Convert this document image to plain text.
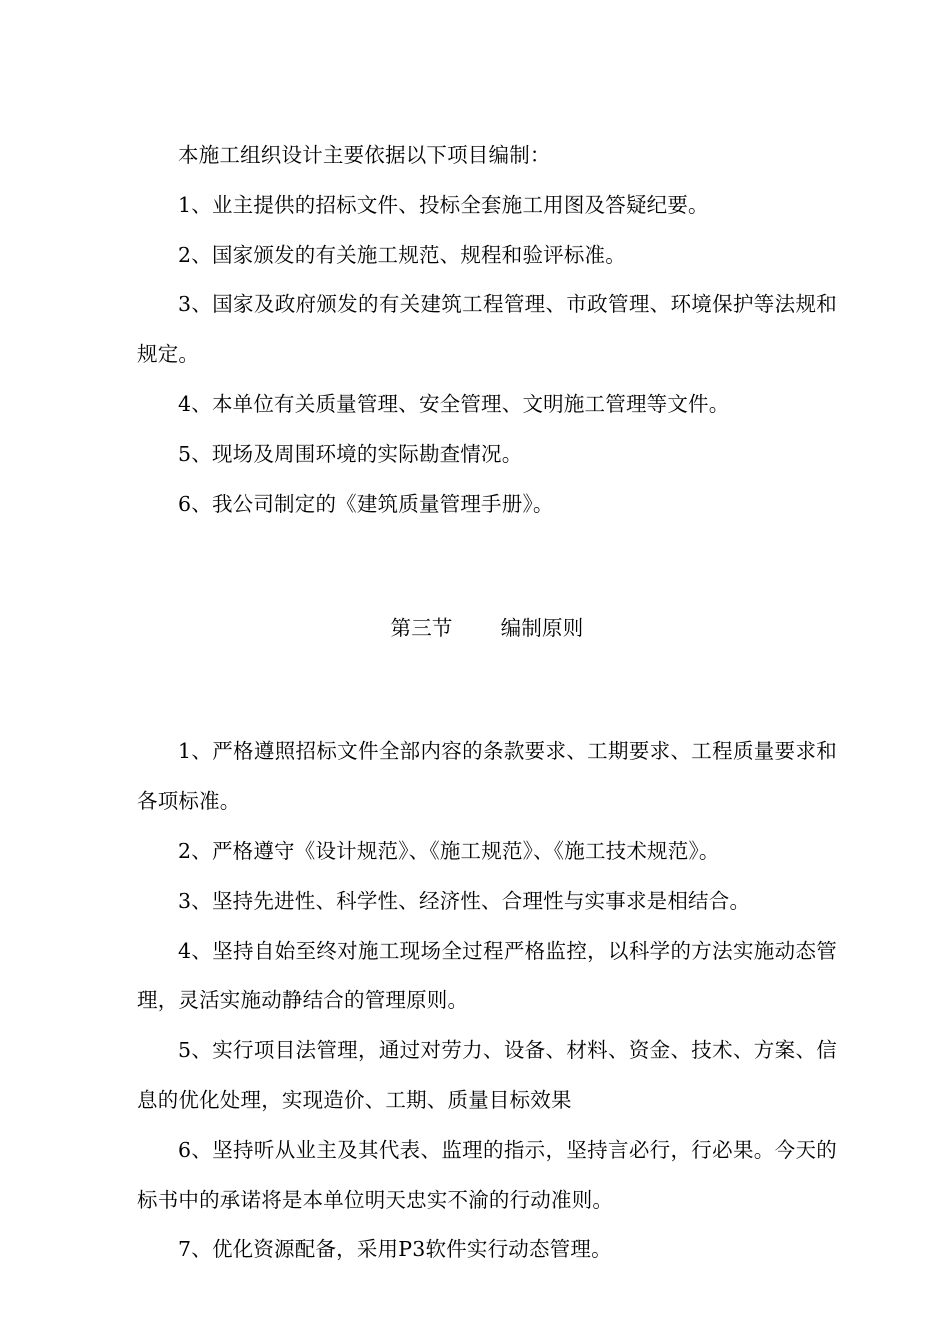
本施工组织设计主要依据以下项目编制：

1、业主提供的招标文件、投标全套施工用图及答疑纪要。

2、国家颁发的有关施工规范、规程和验评标准。

3、国家及政府颁发的有关建筑工程管理、市政管理、环境保护等法规和规定。

4、本单位有关质量管理、安全管理、文明施工管理等文件。

5、现场及周围环境的实际勘查情况。

6、我公司制定的《建筑质量管理手册》。

第三节 编制原则

1、严格遵照招标文件全部内容的条款要求、工期要求、工程质量要求和各项标准。

2、严格遵守《设计规范》、《施工规范》、《施工技术规范》。

3、坚持先进性、科学性、经济性、合理性与实事求是相结合。

4、坚持自始至终对施工现场全过程严格监控，以科学的方法实施动态管理，灵活实施动静结合的管理原则。

5、实行项目法管理，通过对劳力、设备、材料、资金、技术、方案、信息的优化处理，实现造价、工期、质量目标效果

6、坚持听从业主及其代表、监理的指示，坚持言必行，行必果。今天的标书中的承诺将是本单位明天忠实不渝的行动准则。

7、优化资源配备，采用P3软件实行动态管理。
